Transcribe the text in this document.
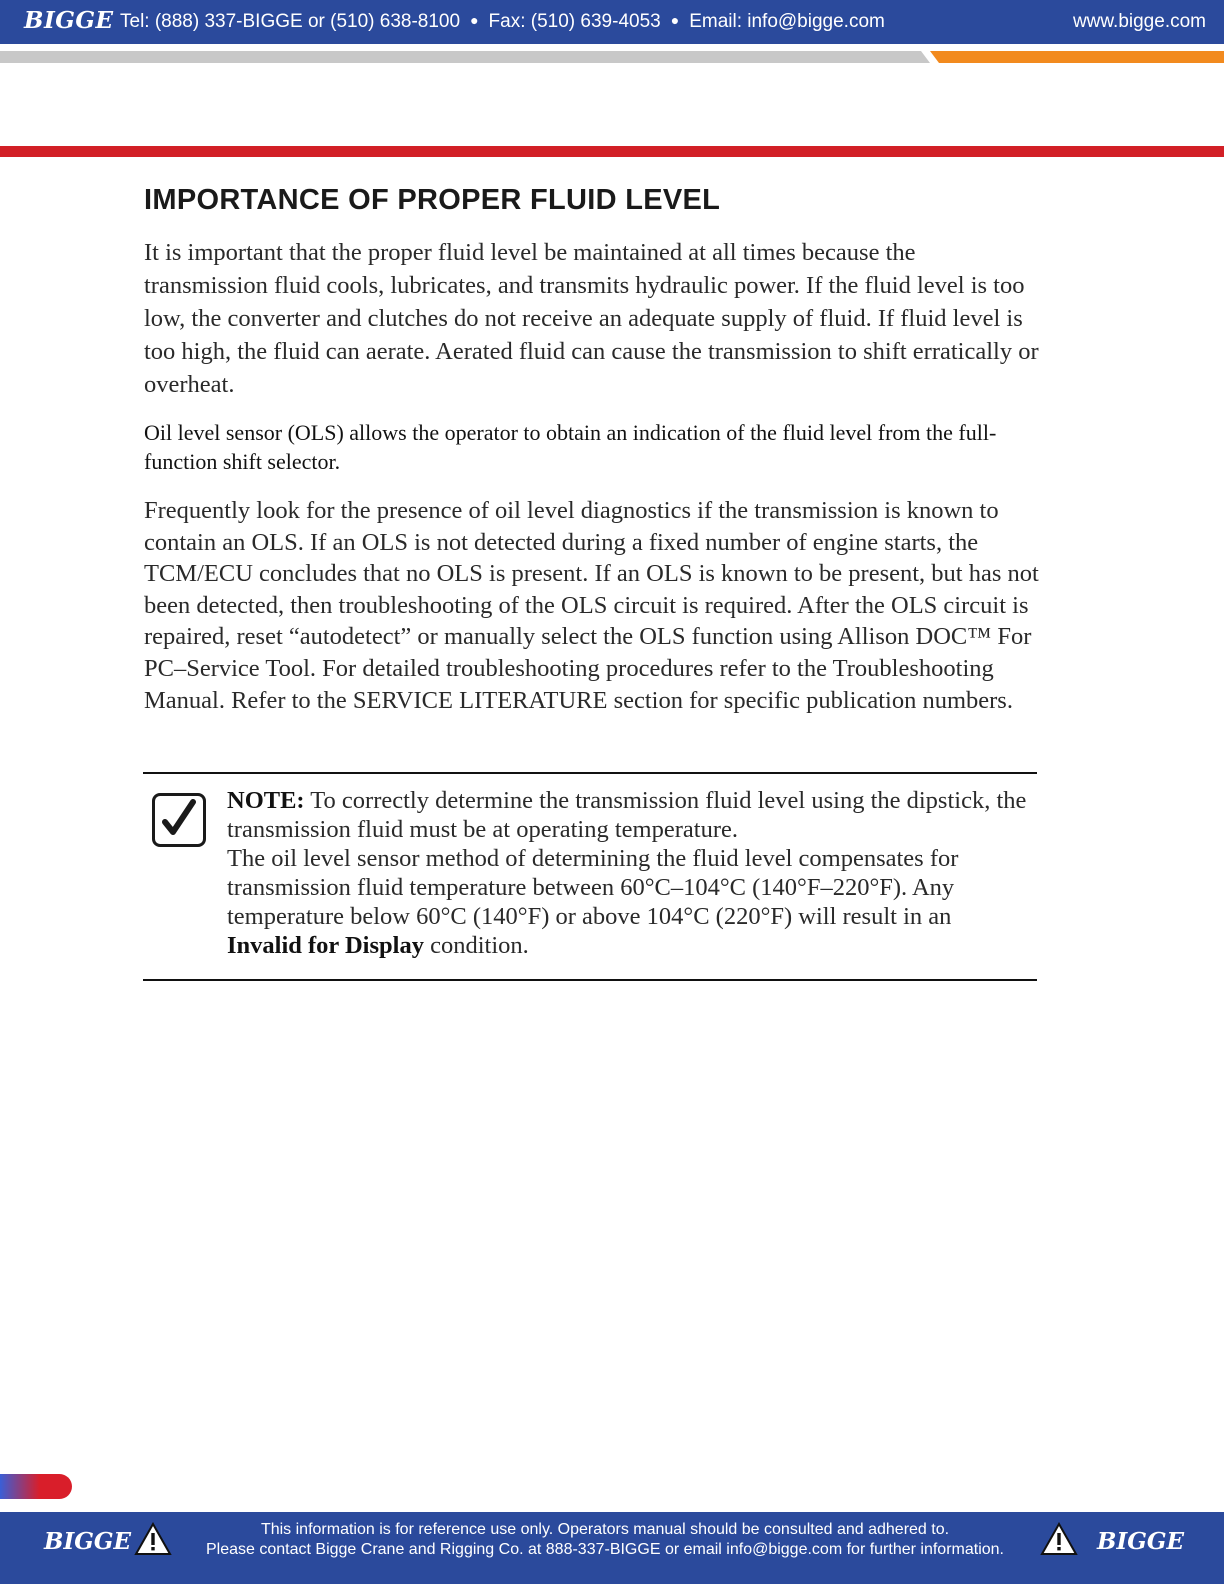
BIGGE Tel: (888) 337-BIGGE or (510) 638-8100 ● Fax: (510) 639-4053 ● Email: info@bigge.com	www.bigge.com
IMPORTANCE OF PROPER FLUID LEVEL

It is important that the proper fluid level be maintained at all times because the transmission fluid cools, lubricates, and transmits hydraulic power. If the fluid level is too low, the converter and clutches do not receive an adequate supply of fluid. If fluid level is too high, the fluid can aerate. Aerated fluid can cause the transmission to shift erratically or overheat.

Oil level sensor (OLS) allows the operator to obtain an indication of the fluid level from the full-function shift selector.

Frequently look for the presence of oil level diagnostics if the transmission is known to contain an OLS. If an OLS is not detected during a fixed number of engine starts, the TCM/ECU concludes that no OLS is present. If an OLS is known to be present, but has not been detected, then troubleshooting of the OLS circuit is required. After the OLS circuit is repaired, reset “autodetect” or manually select the OLS function using Allison DOC™ For PC–Service Tool. For detailed troubleshooting procedures refer to the Troubleshooting Manual. Refer to the SERVICE LITERATURE section for specific publication numbers.

NOTE: To correctly determine the transmission fluid level using the dipstick, the transmission fluid must be at operating temperature.
The oil level sensor method of determining the fluid level compensates for transmission fluid temperature between 60°C–104°C (140°F–220°F). Any temperature below 60°C (140°F) or above 104°C (220°F) will result in an Invalid for Display condition.

BIGGE	This information is for reference use only. Operators manual should be consulted and adhered to.
Please contact Bigge Crane and Rigging Co. at 888-337-BIGGE or email info@bigge.com for further information.	BIGGE
